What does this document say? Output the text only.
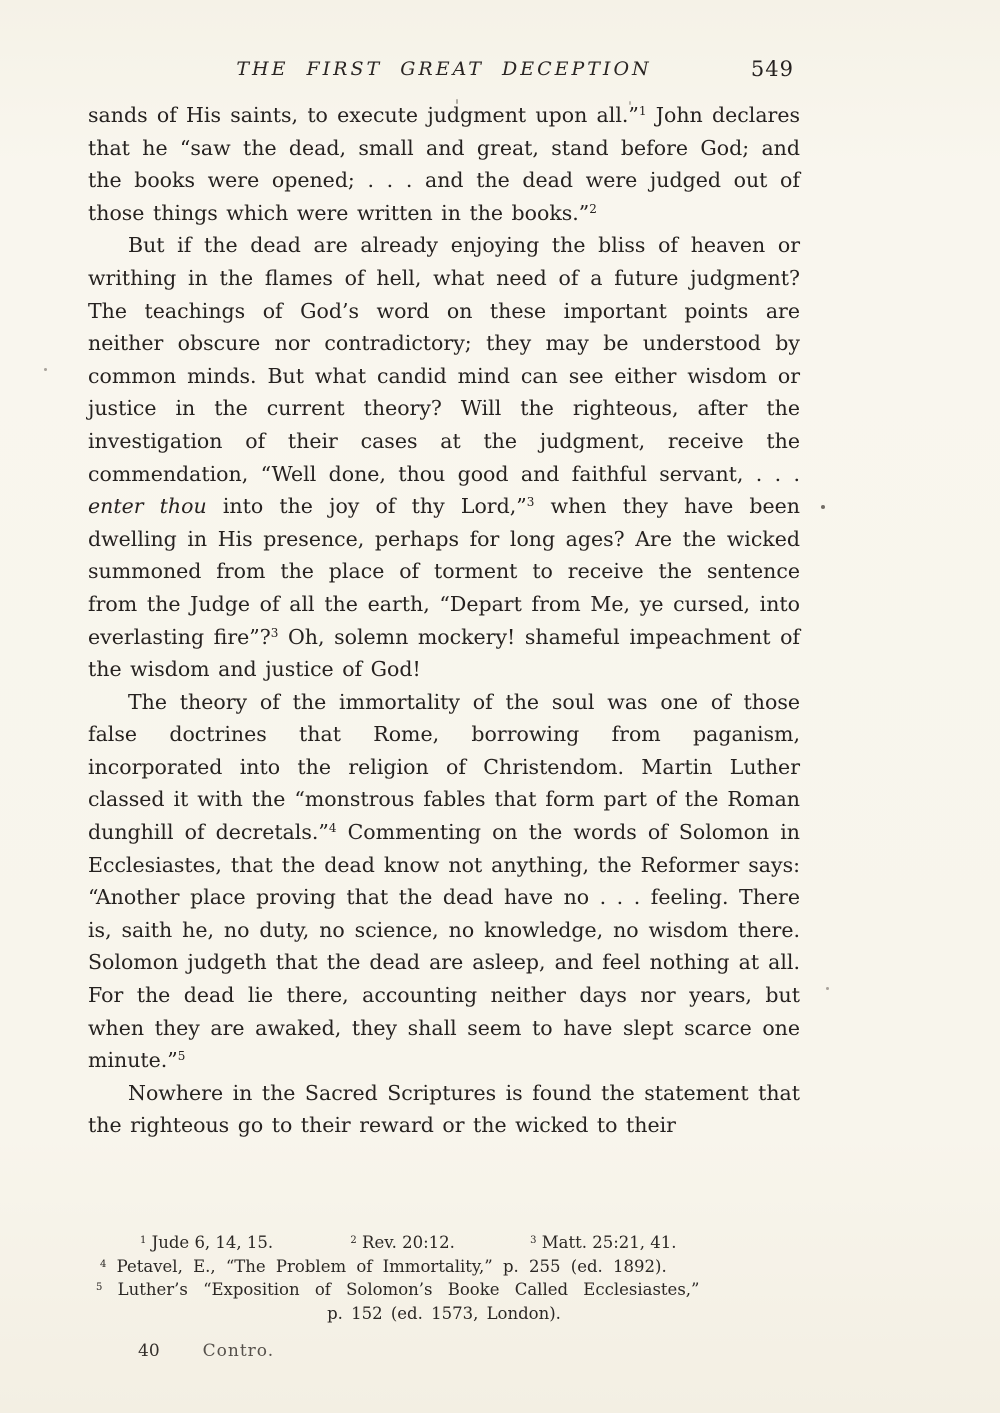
THE FIRST GREAT DECEPTION	549

sands of His saints, to execute judgment upon all.”$^1$ John declares that he “saw the dead, small and great, stand before God; and the books were opened; . . . and the dead were judged out of those things which were written in the books.”$^2$

But if the dead are already enjoying the bliss of heaven or writhing in the flames of hell, what need of a future judgment? The teachings of God’s word on these important points are neither obscure nor contradictory; they may be understood by common minds. But what candid mind can see either wisdom or justice in the current theory? Will the righteous, after the investigation of their cases at the judgment, receive the commendation, “Well done, thou good and faithful servant, . . . enter thou into the joy of thy Lord,”$^3$ when they have been dwelling in His presence, perhaps for long ages? Are the wicked summoned from the place of torment to receive the sentence from the Judge of all the earth, “Depart from Me, ye cursed, into everlasting fire”?$^3$ Oh, solemn mockery! shameful impeachment of the wisdom and justice of God!

The theory of the immortality of the soul was one of those false doctrines that Rome, borrowing from paganism, incorporated into the religion of Christendom. Martin Luther classed it with the “monstrous fables that form part of the Roman dunghill of decretals.”$^4$ Commenting on the words of Solomon in Ecclesiastes, that the dead know not anything, the Reformer says: “Another place proving that the dead have no . . . feeling. There is, saith he, no duty, no science, no knowledge, no wisdom there. Solomon judgeth that the dead are asleep, and feel nothing at all. For the dead lie there, accounting neither days nor years, but when they are awaked, they shall seem to have slept scarce one minute.”$^5$

Nowhere in the Sacred Scriptures is found the statement that the righteous go to their reward or the wicked to their

$^1$ Jude 6, 14, 15.	$^2$ Rev. 20:12.	$^3$ Matt. 25:21, 41.
$^4$ Petavel, E., “The Problem of Immortality,” p. 255 (ed. 1892).
$^5$ Luther’s “Exposition of Solomon’s Booke Called Ecclesiastes,”
p. 152 (ed. 1573, London).
40	Contro.
